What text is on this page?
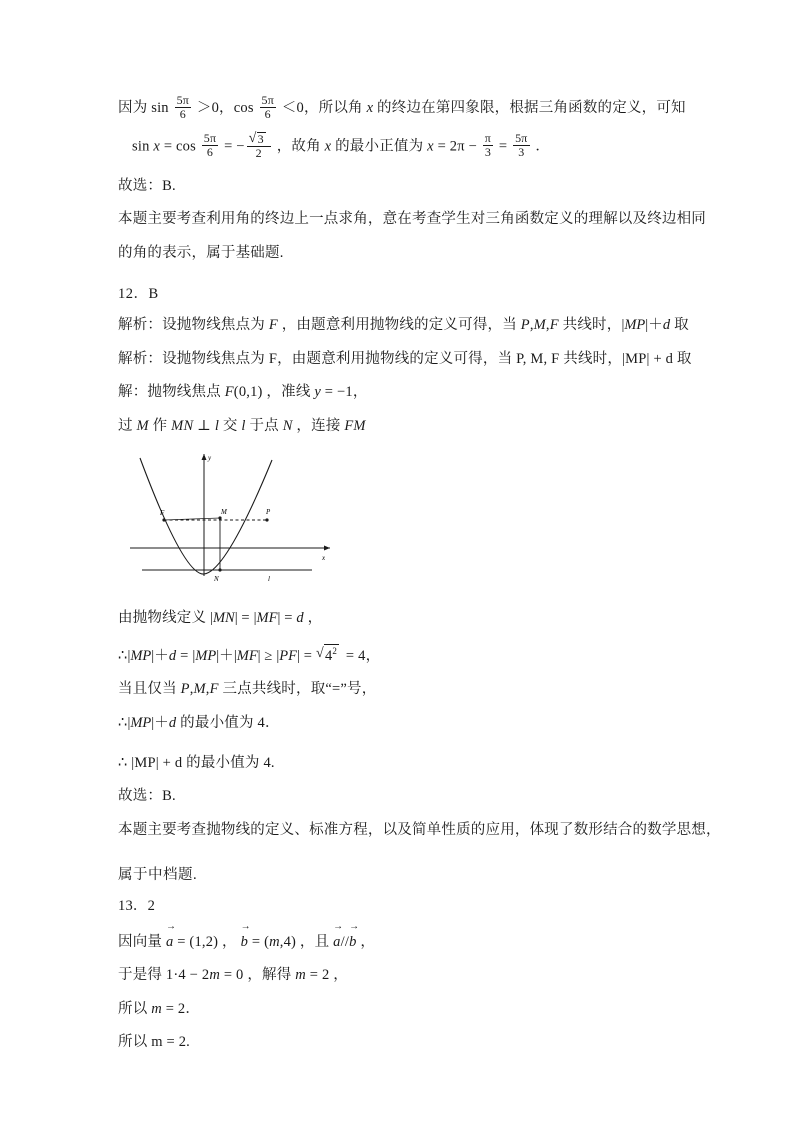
因为 $\sin \frac{5\pi}{6} >0$，$\cos \frac{5\pi}{6} <0$，所以角 x 的终边在第四象限，根据三角函数的定义，可知
$\sin x = \cos \frac{5\pi}{6}$ = − √ $\frac{3}{2}$ ，故角 x 的最小正值为 $x = 2\pi - \frac{\pi}{3} = \frac{5\pi}{3}$ ．
故选：B.
本题主要考查利用角的终边上一点求角，意在考查学生对三角函数定义的理解以及终边相同
的角的表示，属于基础题.
12．B
解析：设抛物线焦点为 F ，由题意利用抛物线的定义可得，当 P,M,F 共线时，|MP|＋d 取
解析：设抛物线焦点为 F，由题意利用抛物线的定义可得，当 P, M, F 共线时，|MP| + d 取
解：抛物线焦点 F(0,1) ，准线 y = −1，
过 M 作 MN ⊥ l 交 l 于点 N ，连接 FM
x
y
l
F	M	P
N
由抛物线定义 |MN| = |MF| = d ，
∴|MP|＋d = |MP|＋|MF| ≥ |PF| = √ $4^2 = 4$，
当且仅当 P,M,F 三点共线时，取“=”号，
∴|MP|＋d 的最小值为 4．
∴ |MP| + d 的最小值为 4.
故选：B.
本题主要考查抛物线的定义、标准方程，以及简单性质的应用，体现了数形结合的数学思想，
属于中档题.
13．2
因向量
→
a = (1,2) ，
→
b = (m,4) ，且
→
a//
→
b ，
于是得 1·4 − 2m = 0 ，解得 m = 2 ，
所以 m = 2．
所以 m = 2.
